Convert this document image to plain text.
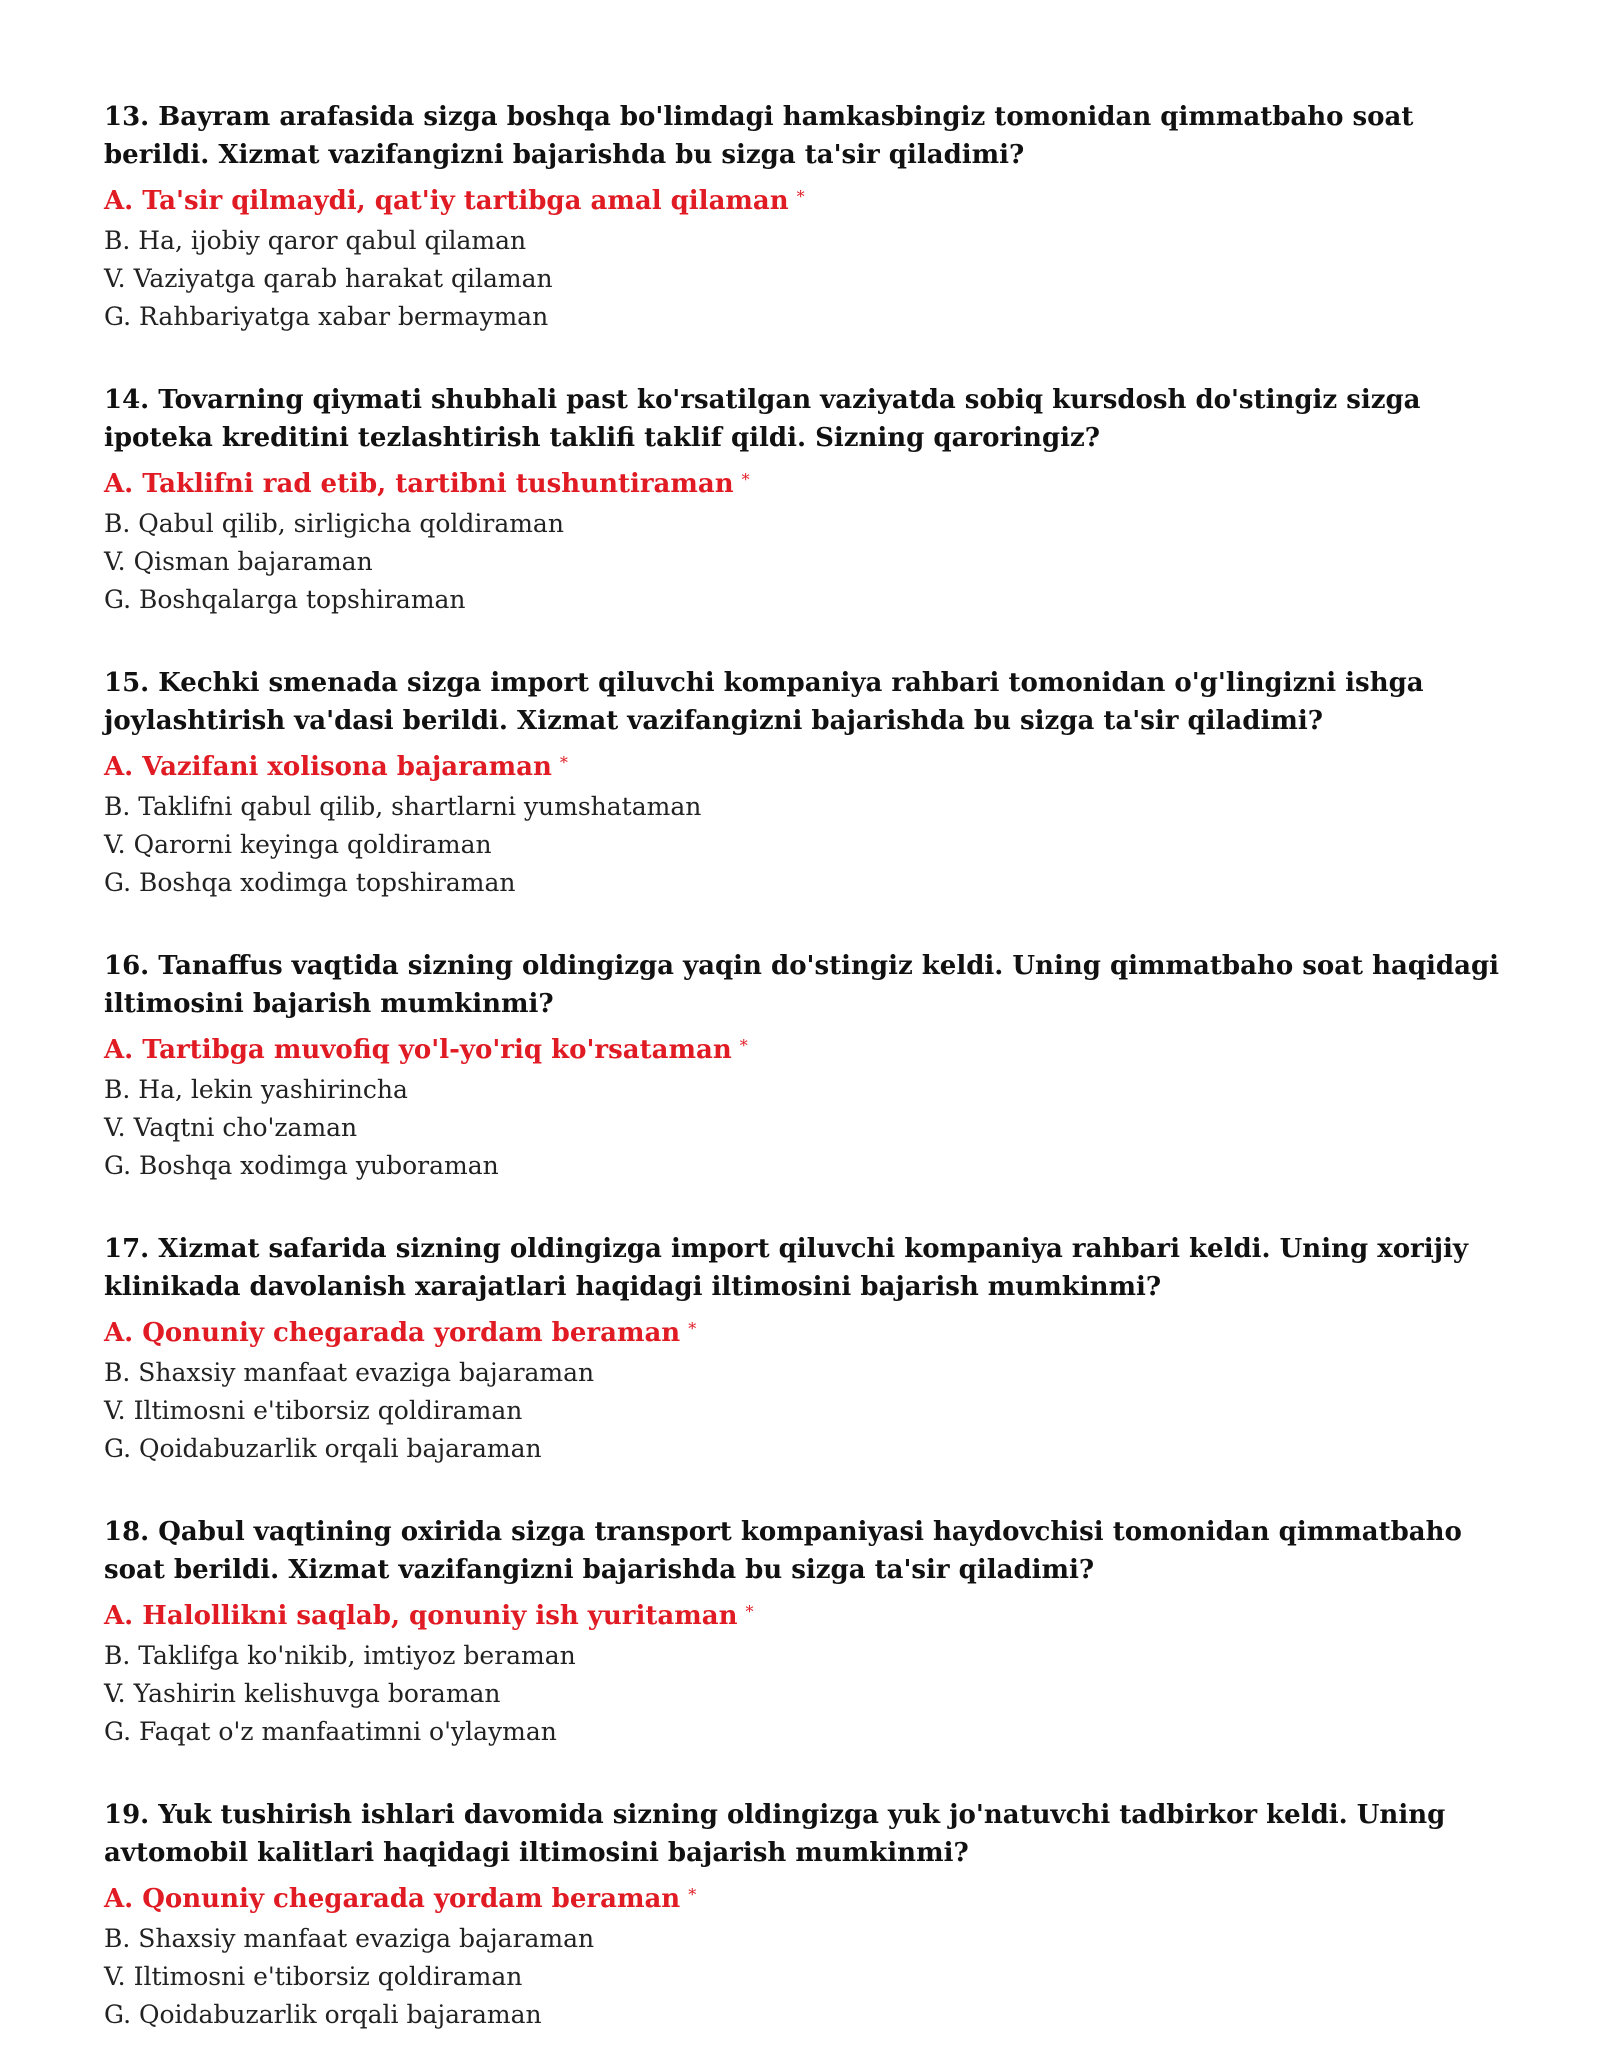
13. Bayram arafasida sizga boshqa bo'limdagi hamkasbingiz tomonidan qimmatbaho soat berildi. Xizmat vazifangizni bajarishda bu sizga ta'sir qiladimi?

A. Ta'sir qilmaydi, qat'iy tartibga amal qilaman *

B. Ha, ijobiy qaror qabul qilaman

V. Vaziyatga qarab harakat qilaman

G. Rahbariyatga xabar bermayman

14. Tovarning qiymati shubhali past ko'rsatilgan vaziyatda sobiq kursdosh do'stingiz sizga ipoteka kreditini tezlashtirish taklifi taklif qildi. Sizning qaroringiz?

A. Taklifni rad etib, tartibni tushuntiraman *

B. Qabul qilib, sirligicha qoldiraman

V. Qisman bajaraman

G. Boshqalarga topshiraman

15. Kechki smenada sizga import qiluvchi kompaniya rahbari tomonidan o'g'lingizni ishga joylashtirish va'dasi berildi. Xizmat vazifangizni bajarishda bu sizga ta'sir qiladimi?

A. Vazifani xolisona bajaraman *

B. Taklifni qabul qilib, shartlarni yumshataman

V. Qarorni keyinga qoldiraman

G. Boshqa xodimga topshiraman

16. Tanaffus vaqtida sizning oldingizga yaqin do'stingiz keldi. Uning qimmatbaho soat haqidagi iltimosini bajarish mumkinmi?

A. Tartibga muvofiq yo'l-yo'riq ko'rsataman *

B. Ha, lekin yashirincha

V. Vaqtni cho'zaman

G. Boshqa xodimga yuboraman

17. Xizmat safarida sizning oldingizga import qiluvchi kompaniya rahbari keldi. Uning xorijiy klinikada davolanish xarajatlari haqidagi iltimosini bajarish mumkinmi?

A. Qonuniy chegarada yordam beraman *

B. Shaxsiy manfaat evaziga bajaraman

V. Iltimosni e'tiborsiz qoldiraman

G. Qoidabuzarlik orqali bajaraman

18. Qabul vaqtining oxirida sizga transport kompaniyasi haydovchisi tomonidan qimmatbaho soat berildi. Xizmat vazifangizni bajarishda bu sizga ta'sir qiladimi?

A. Halollikni saqlab, qonuniy ish yuritaman *

B. Taklifga ko'nikib, imtiyoz beraman

V. Yashirin kelishuvga boraman

G. Faqat o'z manfaatimni o'ylayman

19. Yuk tushirish ishlari davomida sizning oldingizga yuk jo'natuvchi tadbirkor keldi. Uning avtomobil kalitlari haqidagi iltimosini bajarish mumkinmi?

A. Qonuniy chegarada yordam beraman *

B. Shaxsiy manfaat evaziga bajaraman

V. Iltimosni e'tiborsiz qoldiraman

G. Qoidabuzarlik orqali bajaraman
